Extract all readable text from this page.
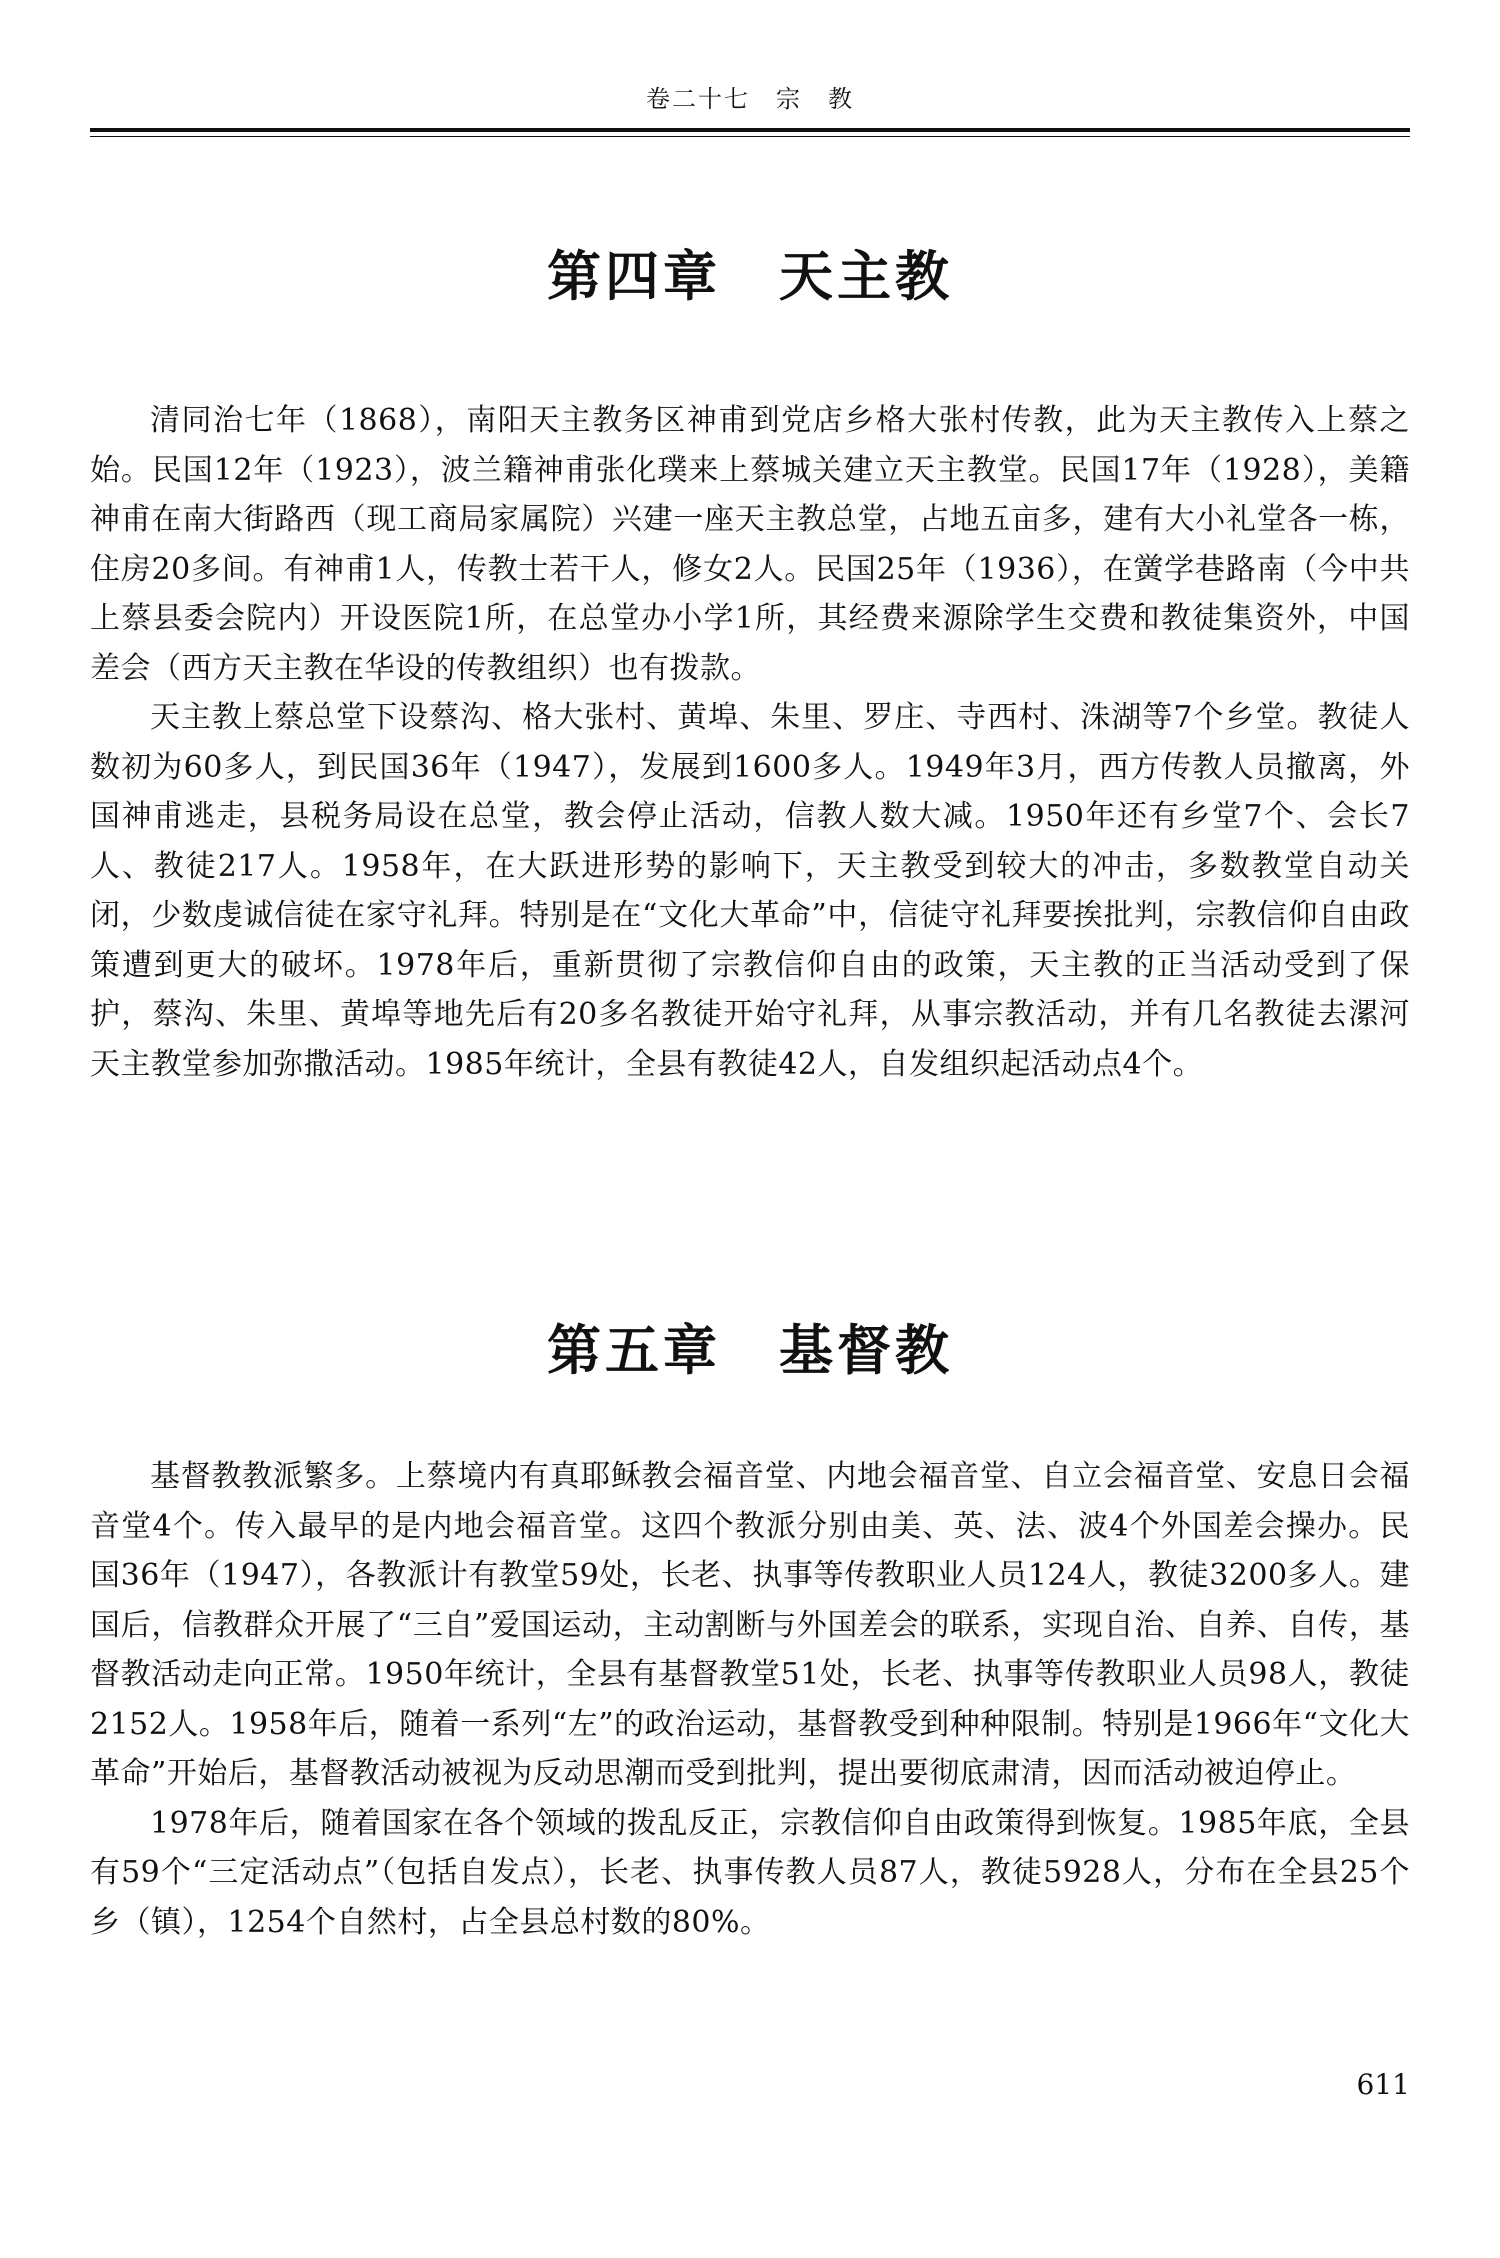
卷二十七　宗　教
第四章　天主教

清同治七年（1868），南阳天主教务区神甫到党店乡格大张村传教，此为天主教传入上蔡之始。民国12年（1923），波兰籍神甫张化璞来上蔡城关建立天主教堂。民国17年（1928），美籍神甫在南大街路西（现工商局家属院）兴建一座天主教总堂，占地五亩多，建有大小礼堂各一栋，住房20多间。有神甫1人，传教士若干人，修女2人。民国25年（1936），在黉学巷路南（今中共上蔡县委会院内）开设医院1所，在总堂办小学1所，其经费来源除学生交费和教徒集资外，中国差会（西方天主教在华设的传教组织）也有拨款。

天主教上蔡总堂下设蔡沟、格大张村、黄埠、朱里、罗庄、寺西村、洙湖等7个乡堂。教徒人数初为60多人，到民国36年（1947），发展到1600多人。1949年3月，西方传教人员撤离，外国神甫逃走，县税务局设在总堂，教会停止活动，信教人数大减。1950年还有乡堂7个、会长7人、教徒217人。1958年，在大跃进形势的影响下，天主教受到较大的冲击，多数教堂自动关闭，少数虔诚信徒在家守礼拜。特别是在“文化大革命”中，信徒守礼拜要挨批判，宗教信仰自由政策遭到更大的破坏。1978年后，重新贯彻了宗教信仰自由的政策，天主教的正当活动受到了保护，蔡沟、朱里、黄埠等地先后有20多名教徒开始守礼拜，从事宗教活动，并有几名教徒去漯河天主教堂参加弥撒活动。1985年统计，全县有教徒42人，自发组织起活动点4个。

第五章　基督教

基督教教派繁多。上蔡境内有真耶稣教会福音堂、内地会福音堂、自立会福音堂、安息日会福音堂4个。传入最早的是内地会福音堂。这四个教派分别由美、英、法、波4个外国差会操办。民国36年（1947），各教派计有教堂59处，长老、执事等传教职业人员124人，教徒3200多人。建国后，信教群众开展了“三自”爱国运动，主动割断与外国差会的联系，实现自治、自养、自传，基督教活动走向正常。1950年统计，全县有基督教堂51处，长老、执事等传教职业人员98人，教徒2152人。1958年后，随着一系列“左”的政治运动，基督教受到种种限制。特别是1966年“文化大革命”开始后，基督教活动被视为反动思潮而受到批判，提出要彻底肃清，因而活动被迫停止。

1978年后，随着国家在各个领域的拨乱反正，宗教信仰自由政策得到恢复。1985年底，全县有59个“三定活动点”（包括自发点），长老、执事传教人员87人，教徒5928人，分布在全县25个乡（镇），1254个自然村，占全县总村数的80%。

611
